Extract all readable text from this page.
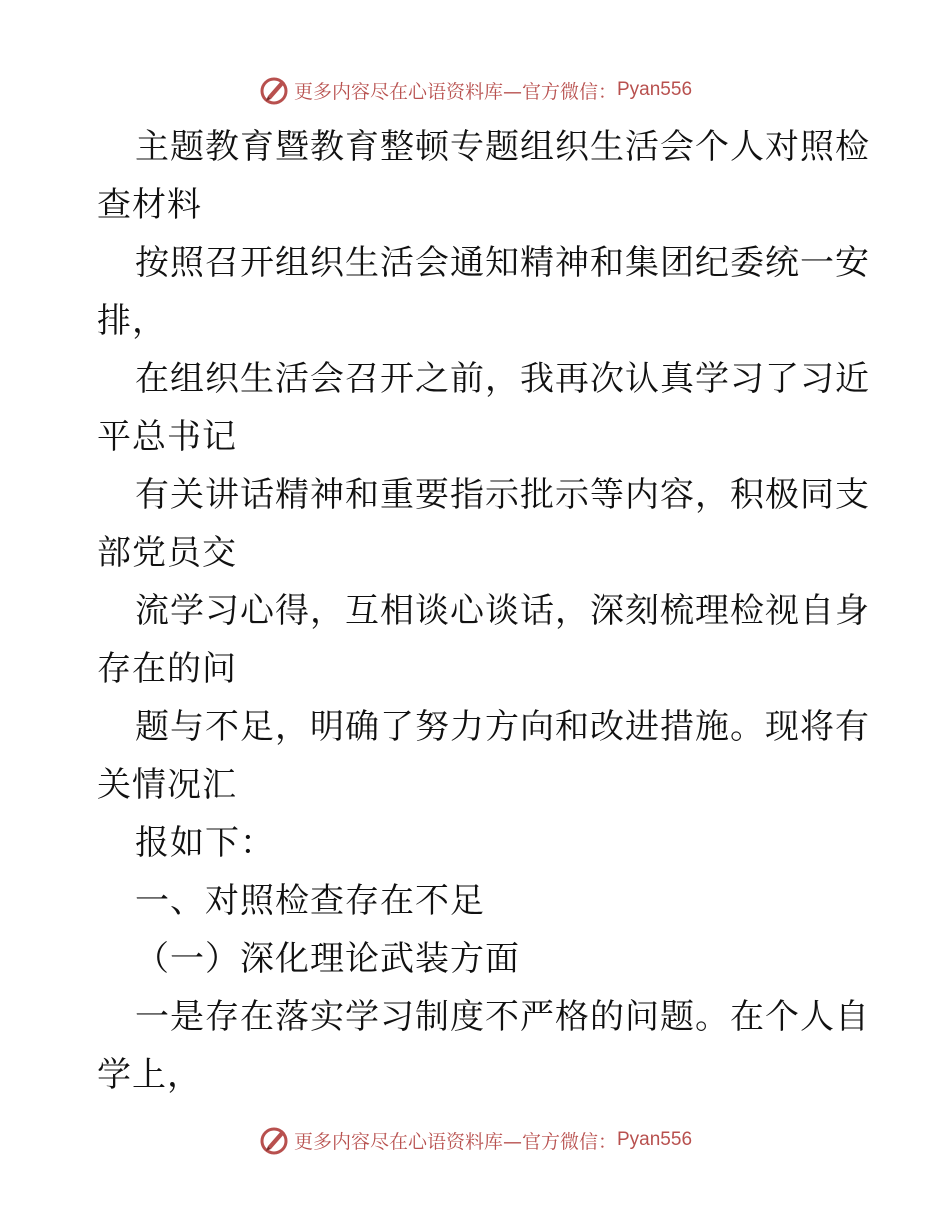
更多内容尽在心语资料库—官方微信： Pyan556
主题教育暨教育整顿专题组织生活会个人对照检
查材料
按照召开组织生活会通知精神和集团纪委统一安
排，
在组织生活会召开之前，我再次认真学习了习近
平总书记
有关讲话精神和重要指示批示等内容，积极同支
部党员交
流学习心得，互相谈心谈话，深刻梳理检视自身
存在的问
题与不足，明确了努力方向和改进措施。现将有
关情况汇
报如下：
一、对照检查存在不足
（一）深化理论武装方面
一是存在落实学习制度不严格的问题。在个人自
学上，
更多内容尽在心语资料库—官方微信： Pyan556
